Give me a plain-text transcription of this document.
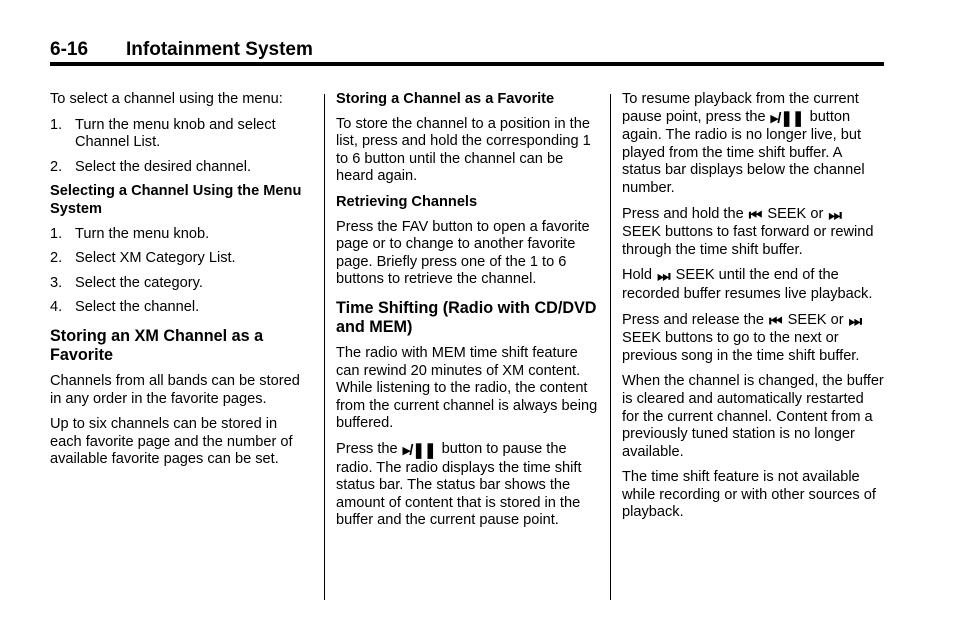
6-16 Infotainment System

To select a channel using the menu:

1. Turn the menu knob and select Channel List.
2. Select the desired channel.
Selecting a Channel Using the Menu System
1. Turn the menu knob.
2. Select XM Category List.
3. Select the category.
4. Select the channel.
Storing an XM Channel as a Favorite

Channels from all bands can be stored in any order in the favorite pages.

Up to six channels can be stored in each favorite page and the number of available favorite pages can be set.

Storing a Channel as a Favorite

To store the channel to a position in the list, press and hold the corresponding 1 to 6 button until the channel can be heard again.

Retrieving Channels

Press the FAV button to open a favorite page or to change to another favorite page. Briefly press one of the 1 to 6 buttons to retrieve the channel.

Time Shifting (Radio with CD/DVD and MEM)

The radio with MEM time shift feature can rewind 20 minutes of XM content. While listening to the radio, the content from the current channel is always being buffered.

Press the ▸/❚❚ button to pause the radio. The radio displays the time shift status bar. The status bar shows the amount of content that is stored in the buffer and the current pause point.

To resume playback from the current pause point, press the ▸/❚❚ button again. The radio is no longer live, but played from the time shift buffer. A status bar displays below the channel number.

Press and hold the ⏮ SEEK or ⏭ SEEK buttons to fast forward or rewind through the time shift buffer.

Hold ⏭ SEEK until the end of the recorded buffer resumes live playback.

Press and release the ⏮ SEEK or ⏭ SEEK buttons to go to the next or previous song in the time shift buffer.

When the channel is changed, the buffer is cleared and automatically restarted for the current channel. Content from a previously tuned station is no longer available.

The time shift feature is not available while recording or with other sources of playback.
